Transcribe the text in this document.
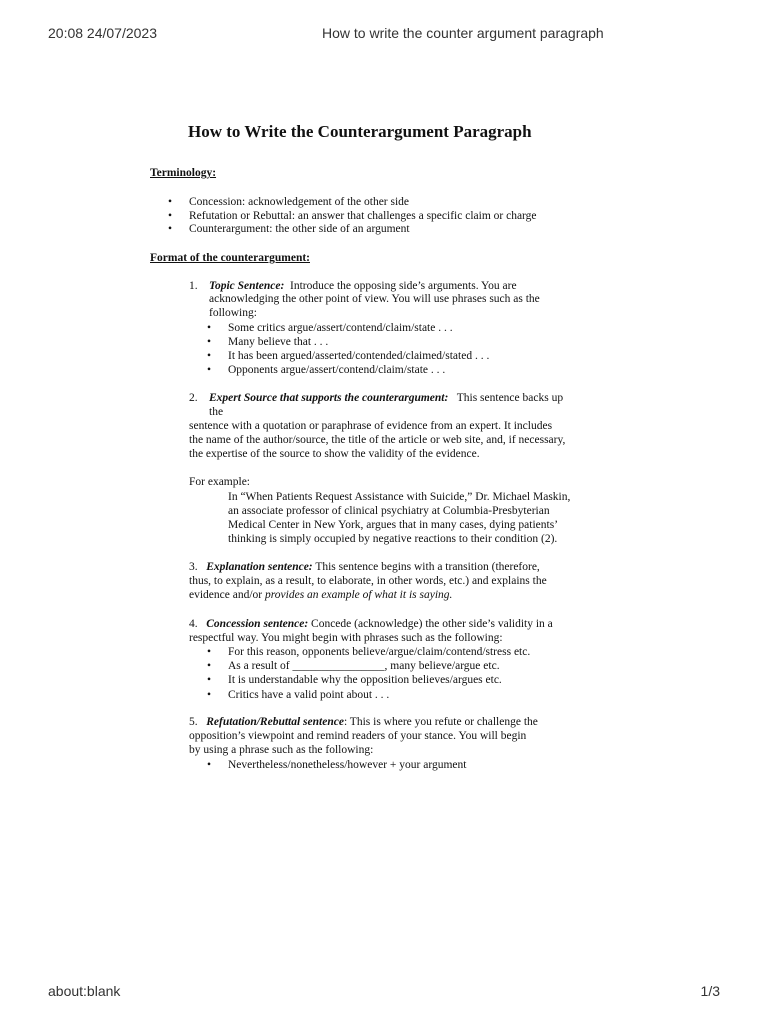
20:08 24/07/2023	How to write the counter argument paragraph
about:blank	1/3
How to Write the Counterargument Paragraph
Terminology:
• Concession: acknowledgement of the other side
• Refutation or Rebuttal: an answer that challenges a specific claim or charge
• Counterargument: the other side of an argument
Format of the counterargument:
1. Topic Sentence: Introduce the opposing side’s arguments. You are
acknowledging the other point of view. You will use phrases such as the
following:
• Some critics argue/assert/contend/claim/state . . .
• Many believe that . . .
• It has been argued/asserted/contended/claimed/stated . . .
• Opponents argue/assert/contend/claim/state . . .
2. Expert Source that supports the counterargument: This sentence backs up
the
sentence with a quotation or paraphrase of evidence from an expert. It includes
the name of the author/source, the title of the article or web site, and, if necessary,
the expertise of the source to show the validity of the evidence.
For example:
In “When Patients Request Assistance with Suicide,” Dr. Michael Maskin,
an associate professor of clinical psychiatry at Columbia-Presbyterian
Medical Center in New York, argues that in many cases, dying patients’
thinking is simply occupied by negative reactions to their condition (2).
3. Explanation sentence: This sentence begins with a transition (therefore,
thus, to explain, as a result, to elaborate, in other words, etc.) and explains the
evidence and/or provides an example of what it is saying.
4. Concession sentence: Concede (acknowledge) the other side’s validity in a
respectful way. You might begin with phrases such as the following:
• For this reason, opponents believe/argue/claim/contend/stress etc.
• As a result of ________________, many believe/argue etc.
• It is understandable why the opposition believes/argues etc.
• Critics have a valid point about . . .
5. Refutation/Rebuttal sentence: This is where you refute or challenge the
opposition’s viewpoint and remind readers of your stance. You will begin
by using a phrase such as the following:
• Nevertheless/nonetheless/however + your argument
